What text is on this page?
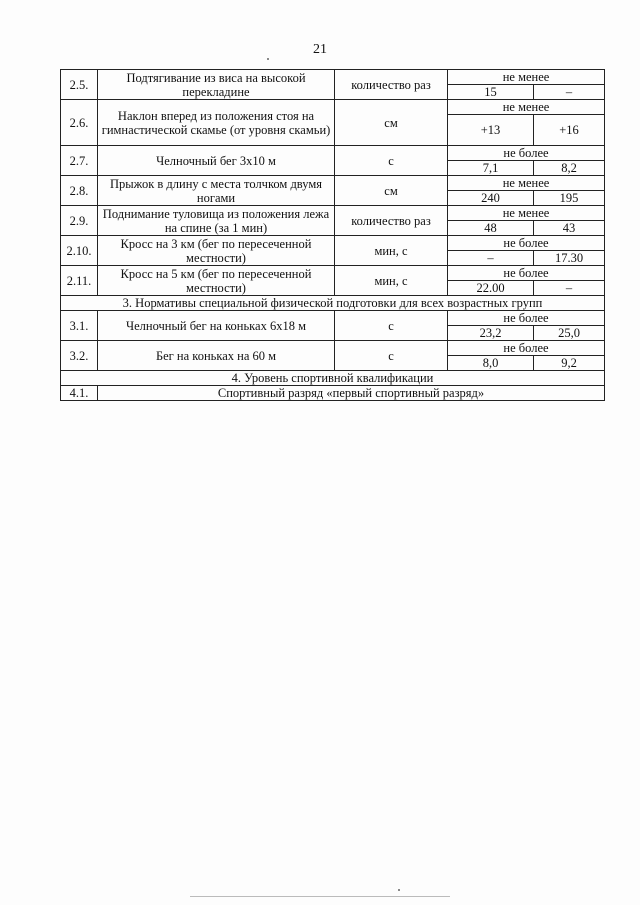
21
2.5.	Подтягивание из виса на высокой перекладине	количество раз	не менее	
			15	–
2.6.	Наклон вперед из положения стоя на гимнастической скамье (от уровня скамьи)	см	не менее	
			+13	+16
2.7.	Челночный бег 3х10 м	с	не более	
			7,1	8,2
2.8.	Прыжок в длину с места толчком двумя ногами	см	не менее	
			240	195
2.9.	Поднимание туловища из положения лежа на спине (за 1 мин)	количество раз	не менее	
			48	43
2.10.	Кросс на 3 км (бег по пересеченной местности)	мин, с	не более	
			–	17.30
2.11.	Кросс на 5 км (бег по пересеченной местности)	мин, с	не более	
			22.00	–
3. Нормативы специальной физической подготовки для всех возрастных групп				
3.1.	Челночный бег на коньках 6х18 м	с	не более	
			23,2	25,0
3.2.	Бег на коньках на 60 м	с	не более	
			8,0	9,2
4. Уровень спортивной квалификации				
4.1.	Спортивный разряд «первый спортивный разряд»			
